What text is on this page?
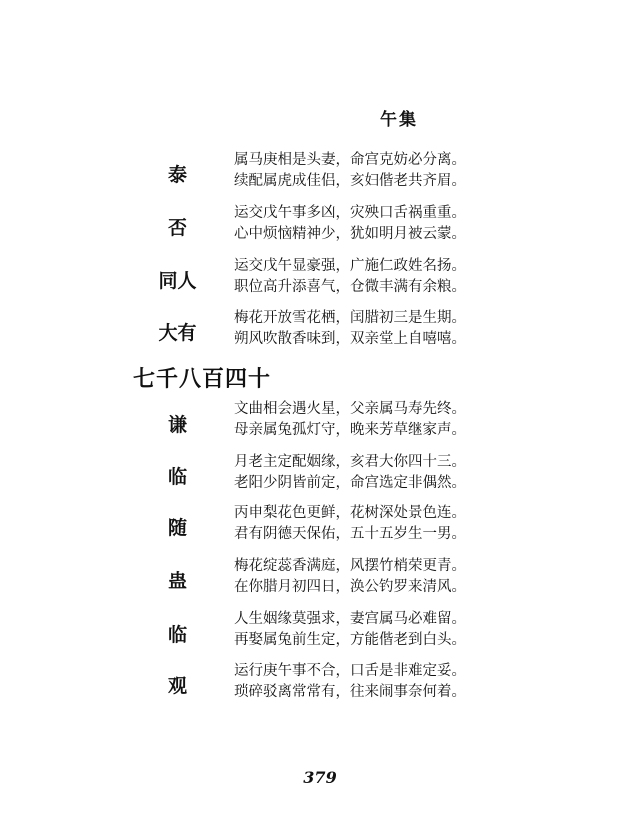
午集
泰
属马庚相是头妻，命宫克妨必分离。
续配属虎成佳侣，亥妇偕老共齐眉。
否
运交戊午事多凶，灾殃口舌祸重重。
心中烦恼精神少，犹如明月被云蒙。
同人
运交戊午显豪强，广施仁政姓名扬。
职位高升添喜气，仓微丰满有余粮。
大有
梅花开放雪花栖，闰腊初三是生期。
朔风吹散香味到，双亲堂上自嘻嘻。
七千八百四十
谦
文曲相会遇火星，父亲属马寿先终。
母亲属兔孤灯守，晚来芳草继家声。
临
月老主定配姻缘，亥君大你四十三。
老阳少阴皆前定，命宫选定非偶然。
随
丙申梨花色更鲜，花树深处景色连。
君有阴德天保佑，五十五岁生一男。
蛊
梅花绽蕊香满庭，风摆竹梢荣更青。
在你腊月初四日，涣公钓罗来清风。
临
人生姻缘莫强求，妻宫属马必难留。
再娶属兔前生定，方能偕老到白头。
观
运行庚午事不合，口舌是非难定妥。
琐碎驳离常常有，往来闹事奈何着。
379
